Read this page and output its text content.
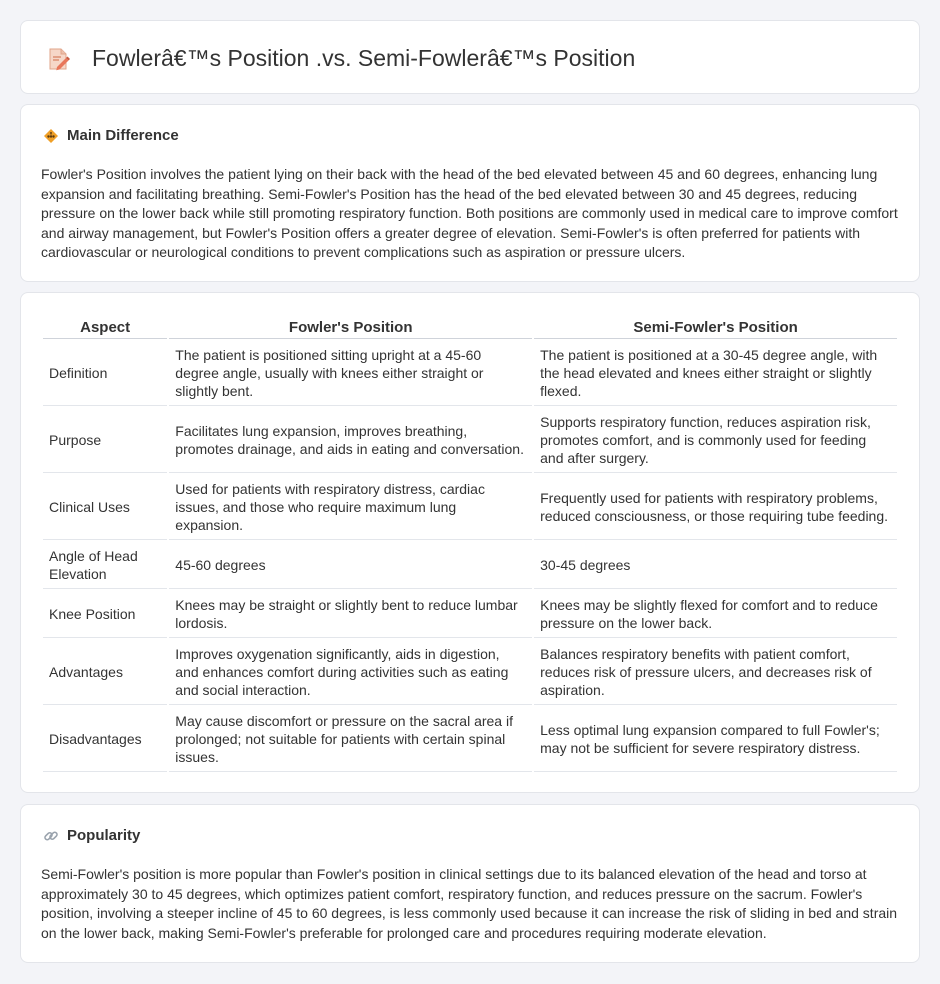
Fowlerâ€™s Position .vs. Semi-Fowlerâ€™s Position
Main Difference

Fowler's Position involves the patient lying on their back with the head of the bed elevated between 45 and 60 degrees, enhancing lung expansion and facilitating breathing. Semi-Fowler's Position has the head of the bed elevated between 30 and 45 degrees, reducing pressure on the lower back while still promoting respiratory function. Both positions are commonly used in medical care to improve comfort and airway management, but Fowler's Position offers a greater degree of elevation. Semi-Fowler's is often preferred for patients with cardiovascular or neurological conditions to prevent complications such as aspiration or pressure ulcers.

Aspect	Fowler's Position	Semi-Fowler's Position
Definition	The patient is positioned sitting upright at a 45-60 degree angle, usually with knees either straight or slightly bent.	The patient is positioned at a 30-45 degree angle, with the head elevated and knees either straight or slightly flexed.
Purpose	Facilitates lung expansion, improves breathing, promotes drainage, and aids in eating and conversation.	Supports respiratory function, reduces aspiration risk, promotes comfort, and is commonly used for feeding and after surgery.
Clinical Uses	Used for patients with respiratory distress, cardiac issues, and those who require maximum lung expansion.	Frequently used for patients with respiratory problems, reduced consciousness, or those requiring tube feeding.
Angle of Head Elevation	45-60 degrees	30-45 degrees
Knee Position	Knees may be straight or slightly bent to reduce lumbar lordosis.	Knees may be slightly flexed for comfort and to reduce pressure on the lower back.
Advantages	Improves oxygenation significantly, aids in digestion, and enhances comfort during activities such as eating and social interaction.	Balances respiratory benefits with patient comfort, reduces risk of pressure ulcers, and decreases risk of aspiration.
Disadvantages	May cause discomfort or pressure on the sacral area if prolonged; not suitable for patients with certain spinal issues.	Less optimal lung expansion compared to full Fowler's; may not be sufficient for severe respiratory distress.
Popularity

Semi-Fowler's position is more popular than Fowler's position in clinical settings due to its balanced elevation of the head and torso at approximately 30 to 45 degrees, which optimizes patient comfort, respiratory function, and reduces pressure on the sacrum. Fowler's position, involving a steeper incline of 45 to 60 degrees, is less commonly used because it can increase the risk of sliding in bed and strain on the lower back, making Semi-Fowler's preferable for prolonged care and procedures requiring moderate elevation.
